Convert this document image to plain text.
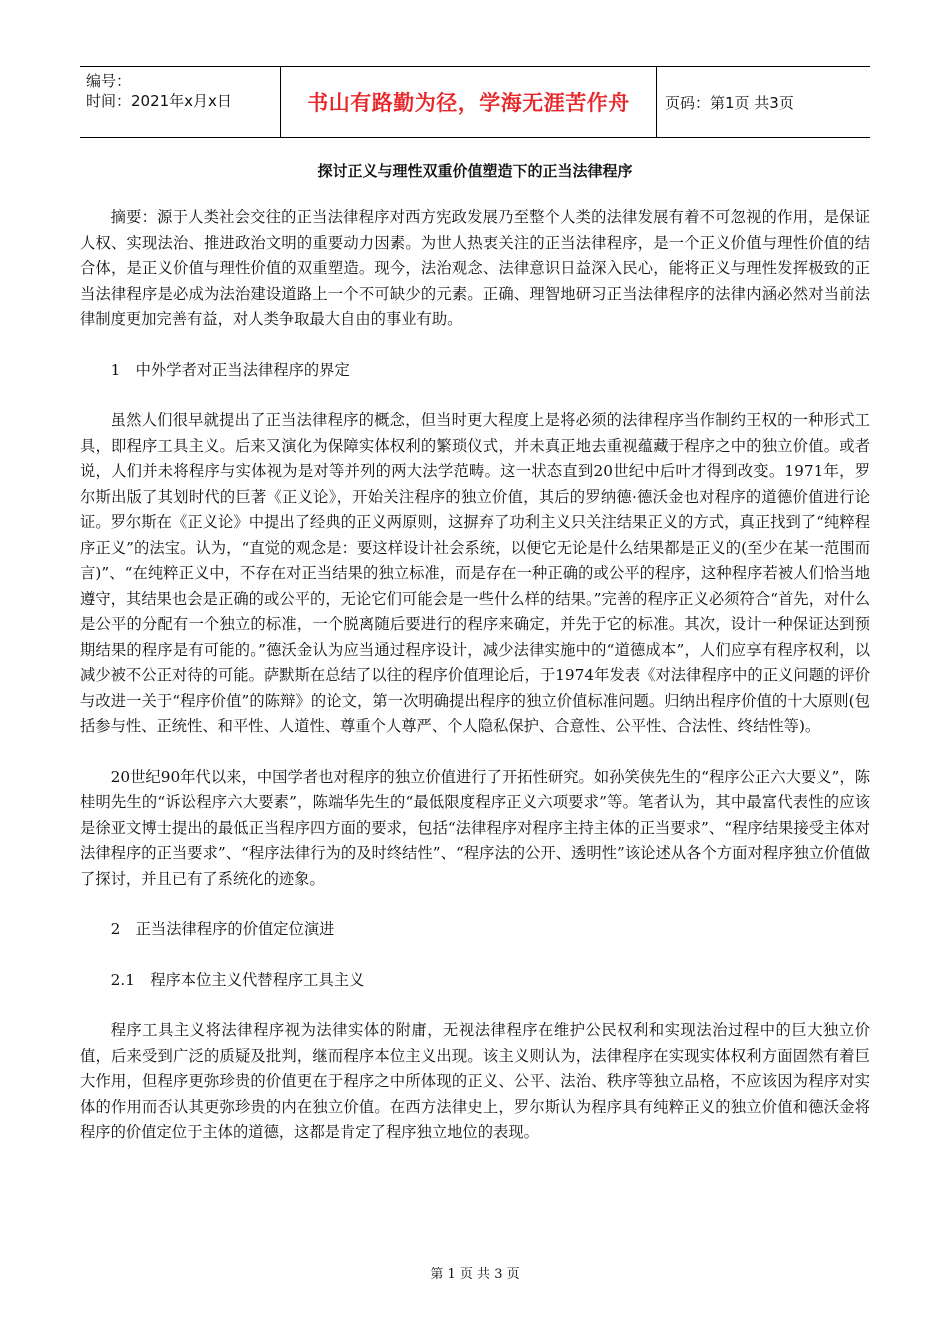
编号：
时间：2021年x月x日	书山有路勤为径，学海无涯苦作舟	页码：第1页 共3页
探讨正义与理性双重价值塑造下的正当法律程序

摘要：源于人类社会交往的正当法律程序对西方宪政发展乃至整个人类的法律发展有着不可忽视的作用，是保证人权、实现法治、推进政治文明的重要动力因素。为世人热衷关注的正当法律程序，是一个正义价值与理性价值的结合体，是正义价值与理性价值的双重塑造。现今，法治观念、法律意识日益深入民心，能将正义与理性发挥极致的正当法律程序是必成为法治建设道路上一个不可缺少的元素。正确、理智地研习正当法律程序的法律内涵必然对当前法律制度更加完善有益，对人类争取最大自由的事业有助。

1　中外学者对正当法律程序的界定

虽然人们很早就提出了正当法律程序的概念，但当时更大程度上是将必须的法律程序当作制约王权的一种形式工具，即程序工具主义。后来又演化为保障实体权利的繁琐仪式，并未真正地去重视蕴藏于程序之中的独立价值。或者说，人们并未将程序与实体视为是对等并列的两大法学范畴。这一状态直到20世纪中后叶才得到改变。1971年，罗尔斯出版了其划时代的巨著《正义论》，开始关注程序的独立价值，其后的罗纳德·德沃金也对程序的道德价值进行论证。罗尔斯在《正义论》中提出了经典的正义两原则，这摒弃了功利主义只关注结果正义的方式，真正找到了“纯粹程序正义”的法宝。认为，“直觉的观念是：要这样设计社会系统，以便它无论是什么结果都是正义的(至少在某一范围而言)”、“在纯粹正义中，不存在对正当结果的独立标准，而是存在一种正确的或公平的程序，这种程序若被人们恰当地遵守，其结果也会是正确的或公平的，无论它们可能会是一些什么样的结果。”完善的程序正义必须符合“首先，对什么是公平的分配有一个独立的标准，一个脱离随后要进行的程序来确定，并先于它的标准。其次，设计一种保证达到预期结果的程序是有可能的。”德沃金认为应当通过程序设计，减少法律实施中的“道德成本”，人们应享有程序权利，以减少被不公正对待的可能。萨默斯在总结了以往的程序价值理论后，于1974年发表《对法律程序中的正义问题的评价与改进一关于“程序价值”的陈辩》的论文，第一次明确提出程序的独立价值标准问题。归纳出程序价值的十大原则(包括参与性、正统性、和平性、人道性、尊重个人尊严、个人隐私保护、合意性、公平性、合法性、终结性等)。

20世纪90年代以来，中国学者也对程序的独立价值进行了开拓性研究。如孙笑侠先生的“程序公正六大要义”，陈桂明先生的“诉讼程序六大要素”，陈端华先生的“最低限度程序正义六项要求”等。笔者认为，其中最富代表性的应该是徐亚文博士提出的最低正当程序四方面的要求，包括“法律程序对程序主持主体的正当要求”、“程序结果接受主体对法律程序的正当要求”、“程序法律行为的及时终结性”、“程序法的公开、透明性”该论述从各个方面对程序独立价值做了探讨，并且已有了系统化的迹象。

2　正当法律程序的价值定位演进

2.1　程序本位主义代替程序工具主义

程序工具主义将法律程序视为法律实体的附庸，无视法律程序在维护公民权利和实现法治过程中的巨大独立价值，后来受到广泛的质疑及批判，继而程序本位主义出现。该主义则认为，法律程序在实现实体权利方面固然有着巨大作用，但程序更弥珍贵的价值更在于程序之中所体现的正义、公平、法治、秩序等独立品格，不应该因为程序对实体的作用而否认其更弥珍贵的内在独立价值。在西方法律史上，罗尔斯认为程序具有纯粹正义的独立价值和德沃金将程序的价值定位于主体的道德，这都是肯定了程序独立地位的表现。

第 1 页 共 3 页
